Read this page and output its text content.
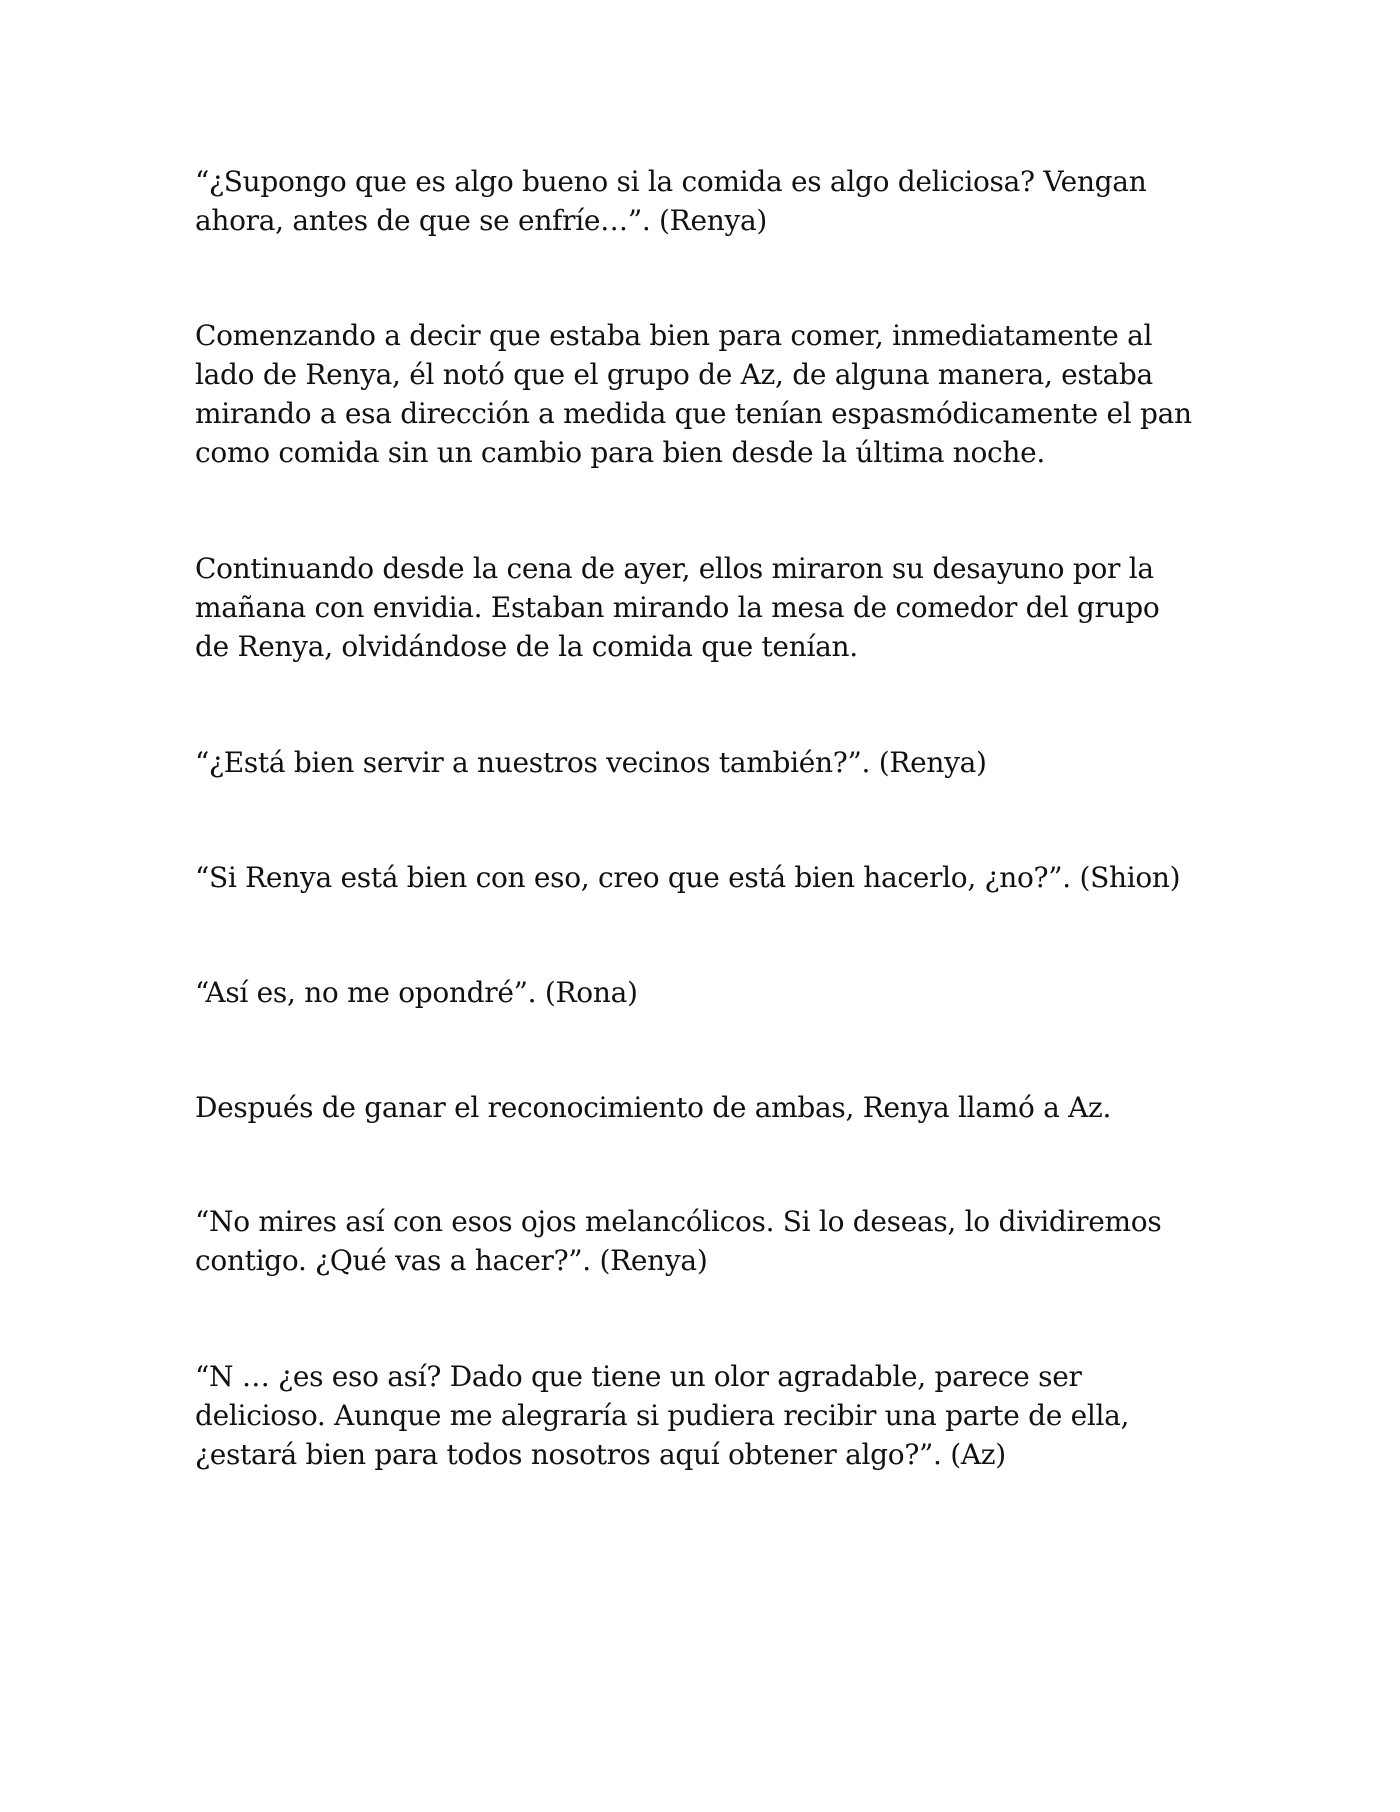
“¿Supongo que es algo bueno si la comida es algo deliciosa? Vengan
ahora, antes de que se enfríe…”. (Renya)

Comenzando a decir que estaba bien para comer, inmediatamente al
lado de Renya, él notó que el grupo de Az, de alguna manera, estaba
mirando a esa dirección a medida que tenían espasmódicamente el pan
como comida sin un cambio para bien desde la última noche.

Continuando desde la cena de ayer, ellos miraron su desayuno por la
mañana con envidia. Estaban mirando la mesa de comedor del grupo
de Renya, olvidándose de la comida que tenían.

“¿Está bien servir a nuestros vecinos también?”. (Renya)

“Si Renya está bien con eso, creo que está bien hacerlo, ¿no?”. (Shion)

“Así es, no me opondré”. (Rona)

Después de ganar el reconocimiento de ambas, Renya llamó a Az.

“No mires así con esos ojos melancólicos. Si lo deseas, lo dividiremos
contigo. ¿Qué vas a hacer?”. (Renya)

“N … ¿es eso así? Dado que tiene un olor agradable, parece ser
delicioso. Aunque me alegraría si pudiera recibir una parte de ella,
¿estará bien para todos nosotros aquí obtener algo?”. (Az)
